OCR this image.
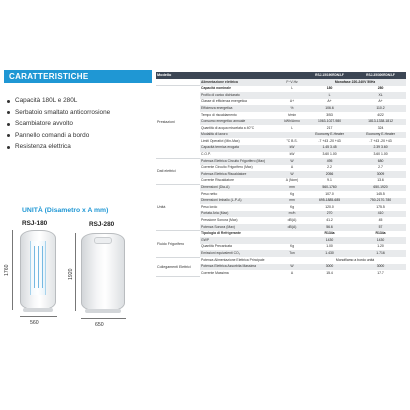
CARATTERISTICHE
Capacità 180L e 280L
Serbatoio smaltato anticorrosione
Scambiatore avvolto
Pannello comandi a bordo
Resistenza elettrica
UNITÀ (Disametro x A mm)
RSJ-180
1760
560
RSJ-280
1920
650
Modello			RSJ-15/190RDN3-F	RSJ-35/300RDN3-F
	Alimentazione elettrica	F~V-Hz	Monofase 220-240V 50Hz	
Prestazioni	Capacità nominale	L	180	280
	Profilo di carico dichiarato		L	XL
	Classe di efficienza energetica	A+	A+	A+
	Efficienza energetica	%	106.6	110.2
	Tempo di riscaldamento	h/min	3/53	4/22
	Consumo energetico annuale	kWh/Anno	1063-1027-980	1813-1338-1812
	Quantità di acqua miscelata a 40°C	L	217	324
	Modalità di lavoro		Economy E-Heater	Economy E-Heater
	Limiti Operativi (Min-Max)	°C B.S.	-7 +43 -20 +43	-7 +43 -20 +43
	Capacità termica erogata	kW	1.45 3.45	2.39 3.60
	C.O.P.	kW	3.60 1.00	3.60 1.00
Dati elettrici	Potenza Elettrica Circuito Frigorifero (Max)	W	495	680
	Corrente Circuito Frigorifero (Max)	A	2.2	2.7
	Potenza Elettrica Riscaldatore	W	2056	3009
	Corrente Riscaldatore	A (Nom)	9.1	13.6
Unità	Dimensioni (Dia-A)	mm	560-1760	650-1920
	Peso netto	Kg	107.0	145.5
	Dimensioni Imballo (L-P-A)	mm	695-1885-685	750-2170-780
	Peso lordo	Kg	120.0	175.5
	Portata Aria (Max)	m³/h	270	410
	Pressione Sonora (Max)	dB(A)	41.2	45
	Potenza Sonora (Max)	dB(A)	56.6	57
Fluido Frigorifero	Tipologia di Refrigerante		R134a	R134a
	GWP		1430	1430
	Quantità Precaricata	Kg	1.00	1.20
	Emissioni equivalenti CO₂	Ton	1.430	1.716
Collegamenti Elettrici	Potenza Alimentazione Elettrica Principale		Monofilamo a bordo unità	
	Potenza Elettrica Assorbita Massima	W	3000	3000
	Corrente Massima	A	15.4	17.7
